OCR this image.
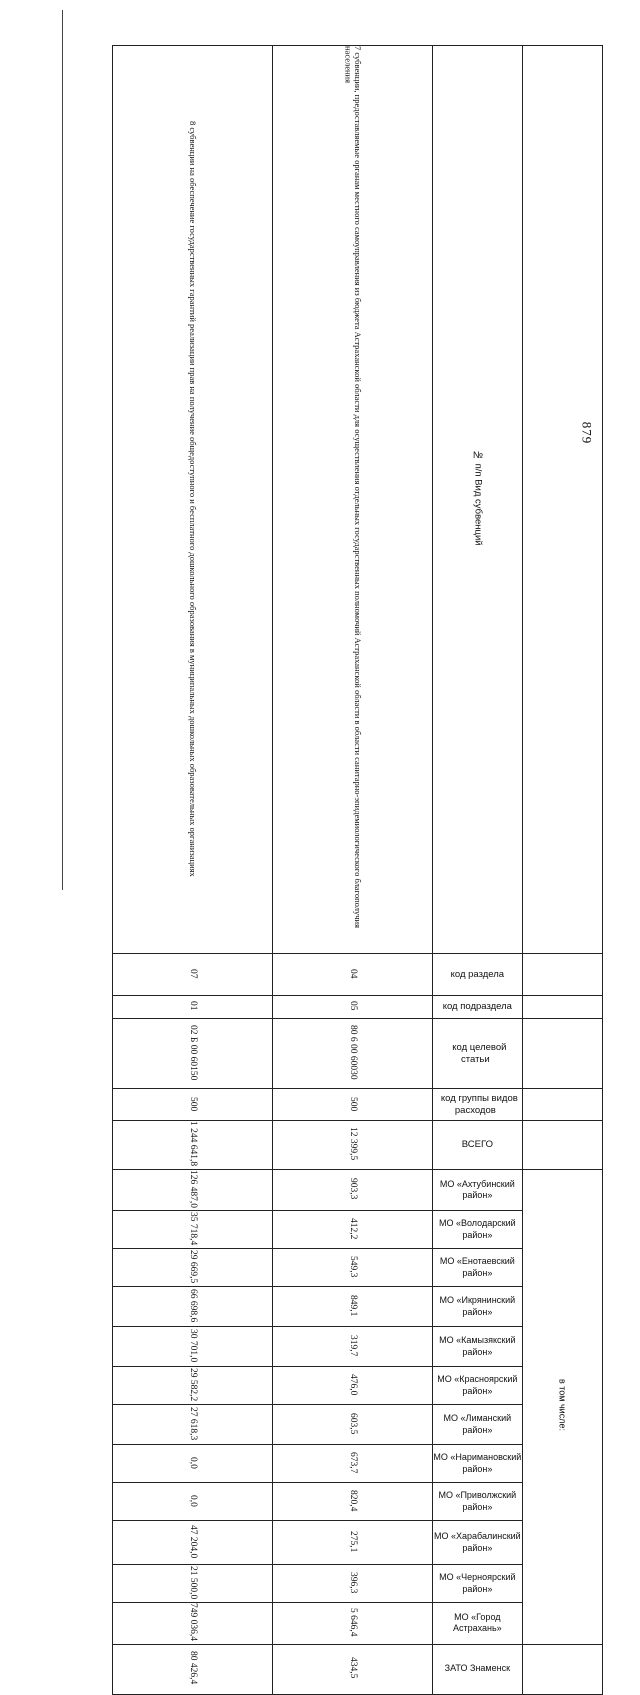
879
8 субвенции на обеспечение государственных гарантий реализации прав на получение общедоступного и бесплатного дошкольного образования в муниципальных дошкольных образовательных организациях	7 субвенции, предоставляемые органам местного самоуправления из бюджета Астраханской области для осуществления отдельных государственных полномочий Астраханской области в области санитарно-эпидемиологического благополучия населения	№ п/п Вид субвенций	
07	04	код раздела	
01	05	код подраздела	
02 Б 00 60150	80 6 00 60030	код целевой статьи	
500	500	код группы видов расходов	
1 244 641,8	12 399,5	ВСЕГО	
126 487,0	903,3	МО «Ахтубинский район»	в том числе:
35 718,4	412,2	МО «Володарский район»	
29 669,5	549,3	МО «Енотаевский район»	
66 698,6	849,1	МО «Икрянинский район»	
30 701,0	319,7	МО «Камызякский район»	
29 582,2	476,0	МО «Красноярский район»	
27 618,3	603,5	МО «Лиманский район»	
0,0	673,7	МО «Наримановский район»	
0,0	820,4	МО «Приволжский район»	
47 204,0	275,1	МО «Харабалинский район»	
21 500,0	396,3	МО «Черноярский район»	
749 036,4	5 646,4	МО «Город Астрахань»	
80 426,4	434,5	ЗАТО Знаменск	
